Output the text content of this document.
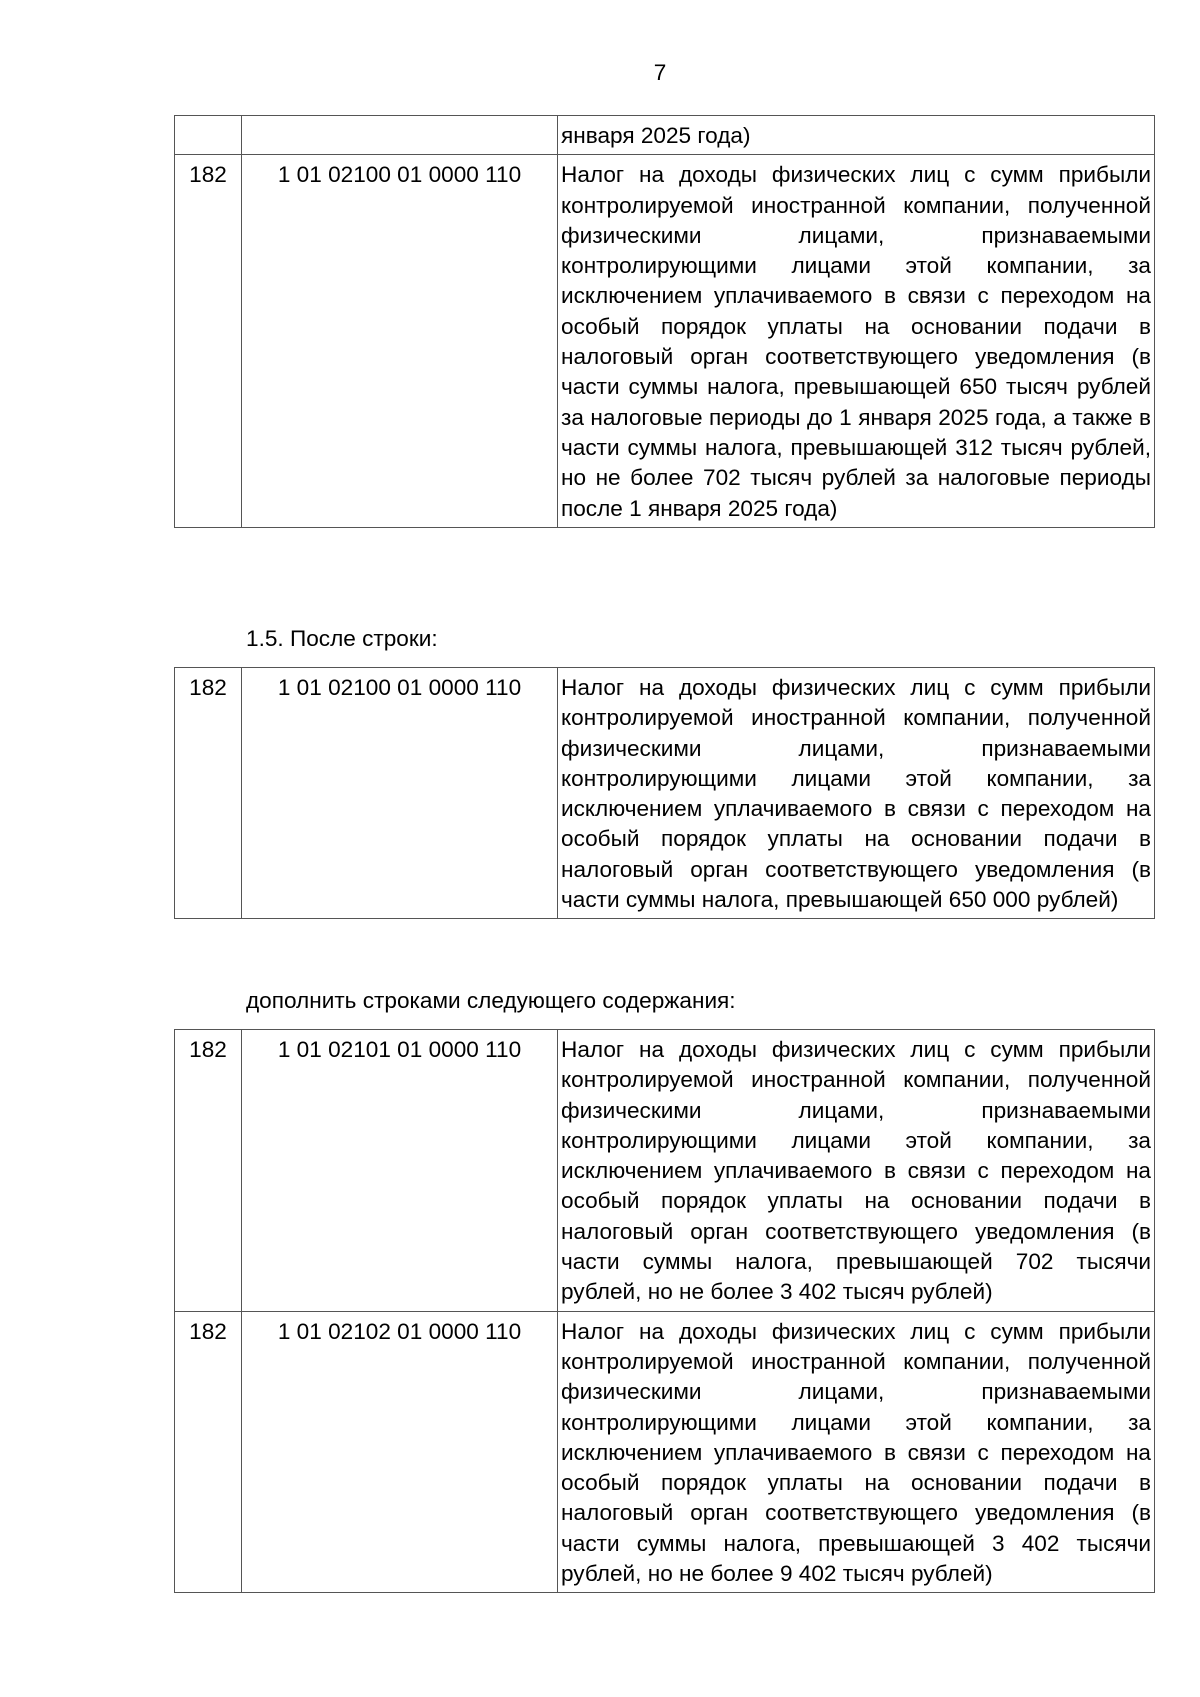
7
		января 2025 года)
182	1 01 02100 01 0000 110	Налог на доходы физических лиц с сумм прибыли контролируемой иностранной компании, полученной физическими лицами, признаваемыми контролирующими лицами этой компании, за исключением уплачиваемого в связи с переходом на особый порядок уплаты на основании подачи в налоговый орган соответствующего уведомления (в части суммы налога, превышающей 650 тысяч рублей за налоговые периоды до 1 января 2025 года, а также в части суммы налога, превышающей 312 тысяч рублей, но не более 702 тысяч рублей за налоговые периоды после 1 января 2025 года)
1.5. После строки:
182	1 01 02100 01 0000 110	Налог на доходы физических лиц с сумм прибыли контролируемой иностранной компании, полученной физическими лицами, признаваемыми контролирующими лицами этой компании, за исключением уплачиваемого в связи с переходом на особый порядок уплаты на основании подачи в налоговый орган соответствующего уведомления (в части суммы налога, превышающей 650 000 рублей)
дополнить строками следующего содержания:
182	1 01 02101 01 0000 110	Налог на доходы физических лиц с сумм прибыли контролируемой иностранной компании, полученной физическими лицами, признаваемыми контролирующими лицами этой компании, за исключением уплачиваемого в связи с переходом на особый порядок уплаты на основании подачи в налоговый орган соответствующего уведомления (в части суммы налога, превышающей 702 тысячи рублей, но не более 3 402 тысяч рублей)
182	1 01 02102 01 0000 110	Налог на доходы физических лиц с сумм прибыли контролируемой иностранной компании, полученной физическими лицами, признаваемыми контролирующими лицами этой компании, за исключением уплачиваемого в связи с переходом на особый порядок уплаты на основании подачи в налоговый орган соответствующего уведомления (в части суммы налога, превышающей 3 402 тысячи рублей, но не более 9 402 тысяч рублей)
